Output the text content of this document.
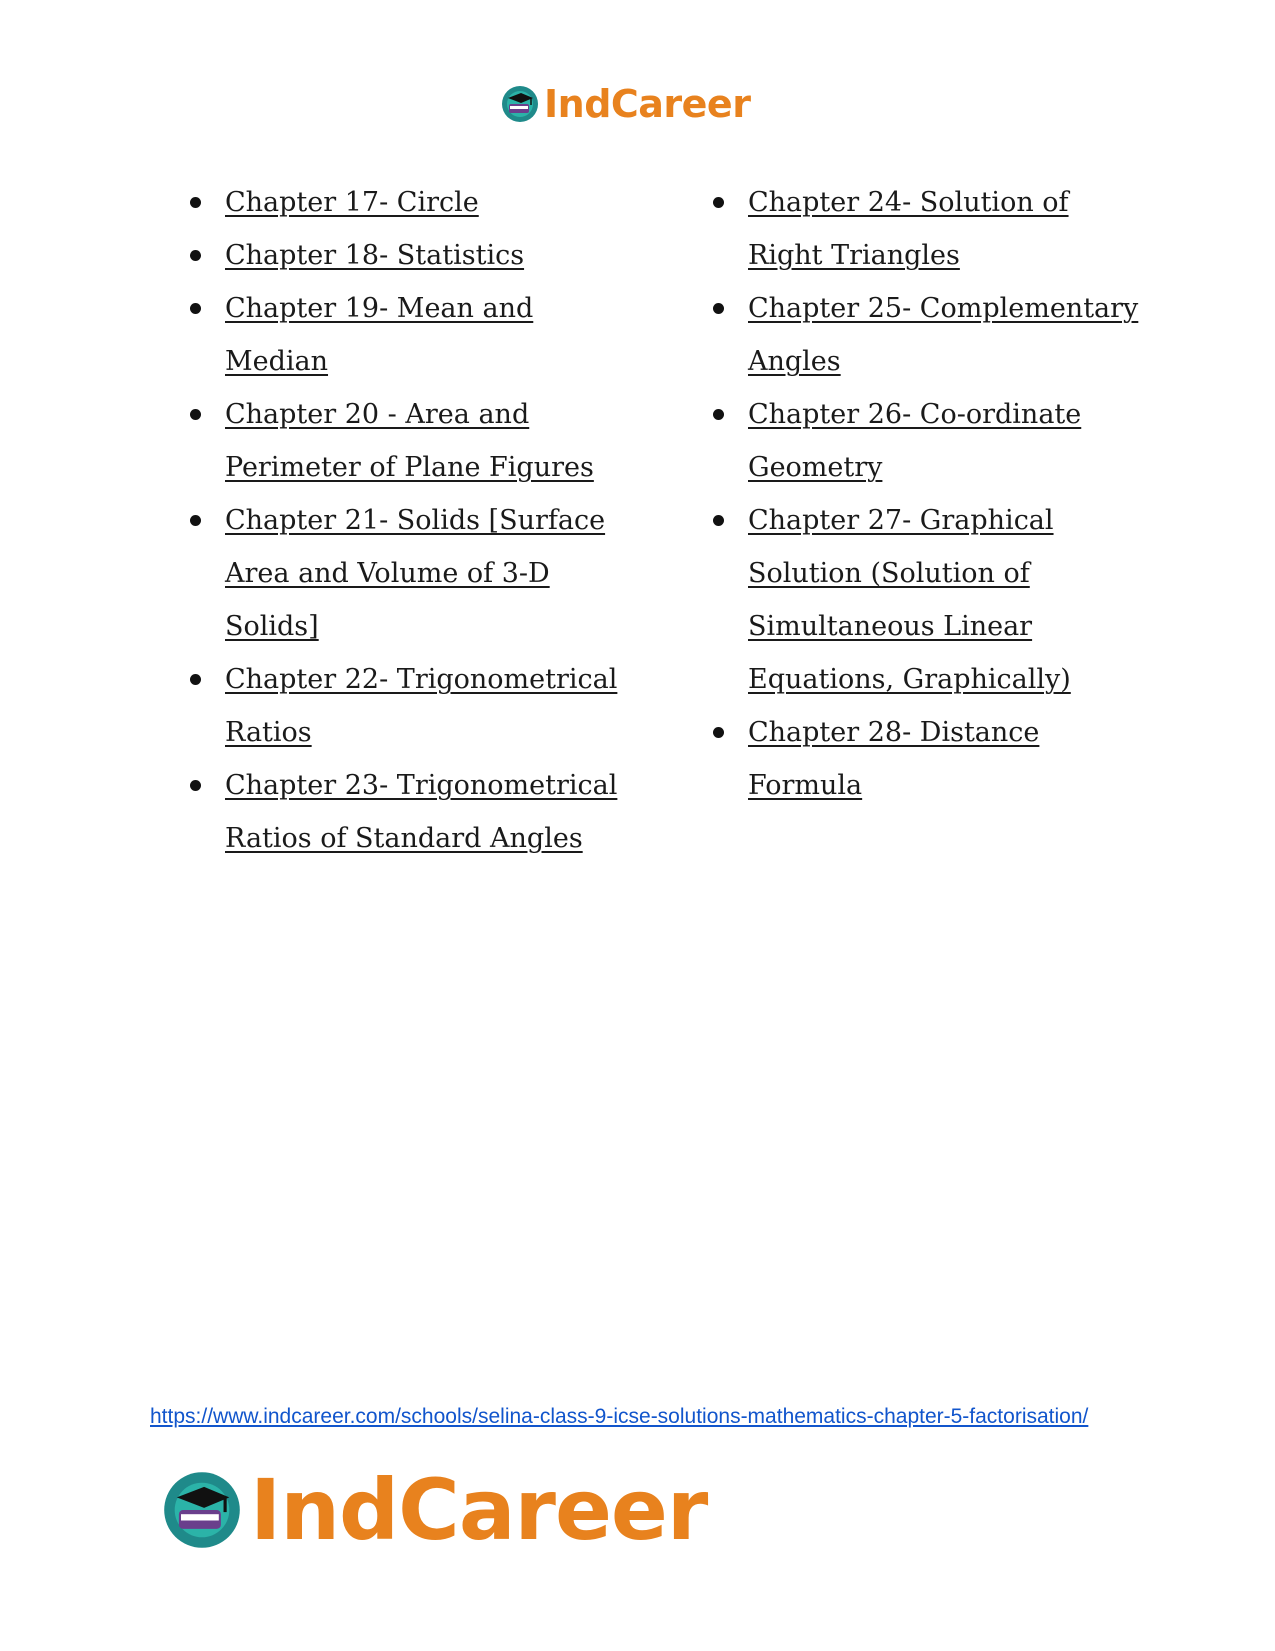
IndCareer
Chapter 17- Circle
Chapter 18- Statistics
Chapter 19- Mean and Median
Chapter 20 - Area and Perimeter of Plane Figures
Chapter 21- Solids [Surface Area and Volume of 3-D Solids]
Chapter 22- Trigonometrical Ratios
Chapter 23- Trigonometrical Ratios of Standard Angles
Chapter 24- Solution of Right Triangles
Chapter 25- Complementary Angles
Chapter 26- Co-ordinate Geometry
Chapter 27- Graphical Solution (Solution of Simultaneous Linear Equations, Graphically)
Chapter 28- Distance Formula
https://www.indcareer.com/schools/selina-class-9-icse-solutions-mathematics-chapter-5-factorisation/
IndCareer
